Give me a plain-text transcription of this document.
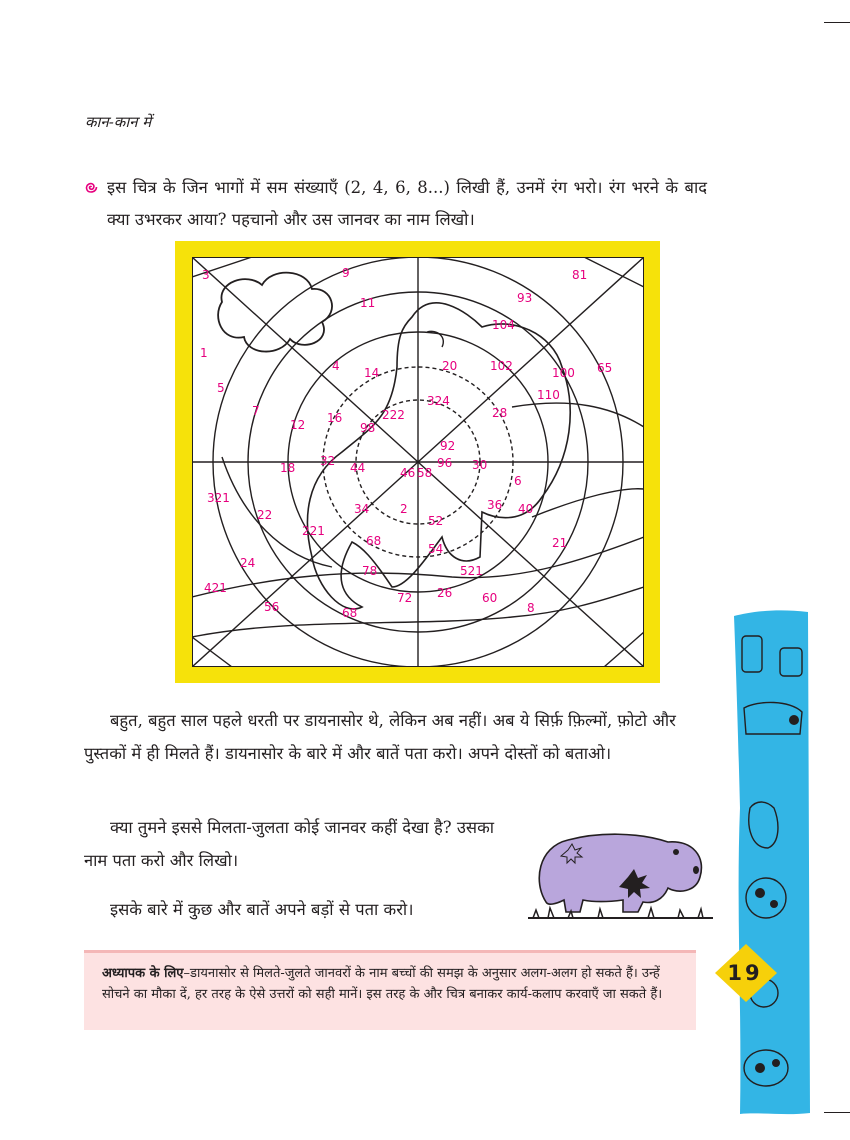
कान-कान में
इस चित्र के जिन भागों में सम संख्याएँ (2, 4, 6, 8...) लिखी हैं, उनमें रंग भरो। रंग भरने के बाद क्या उभरकर आया? पहचानो और उस जानवर का नाम लिखो।
3	9	81
93
11
104
1
4 14	20	102	100 65
5	110
7	222
324
28
12 16
98
92
18 32 44	46 58
96 30
6
321
34	2	36 40
22
221
52
68
54	21
24
78	521
421
56	68
72 26 60
8
बहुत, बहुत साल पहले धरती पर डायनासोर थे, लेकिन अब नहीं। अब ये सिर्फ़ फ़िल्मों, फ़ोटो और पुस्तकों में ही मिलते हैं। डायनासोर के बारे में और बातें पता करो। अपने दोस्तों को बताओ।
क्या तुमने इससे मिलता-जुलता कोई जानवर कहीं देखा है? उसका नाम पता करो और लिखो।
इसके बारे में कुछ और बातें अपने बड़ों से पता करो।
अध्यापक के लिए–डायनासोर से मिलते-जुलते जानवरों के नाम बच्चों की समझ के अनुसार अलग-अलग हो सकते हैं। उन्हें सोचने का मौका दें, हर तरह के ऐसे उत्तरों को सही मानें। इस तरह के और चित्र बनाकर कार्य-कलाप करवाएँ जा सकते हैं।
19
